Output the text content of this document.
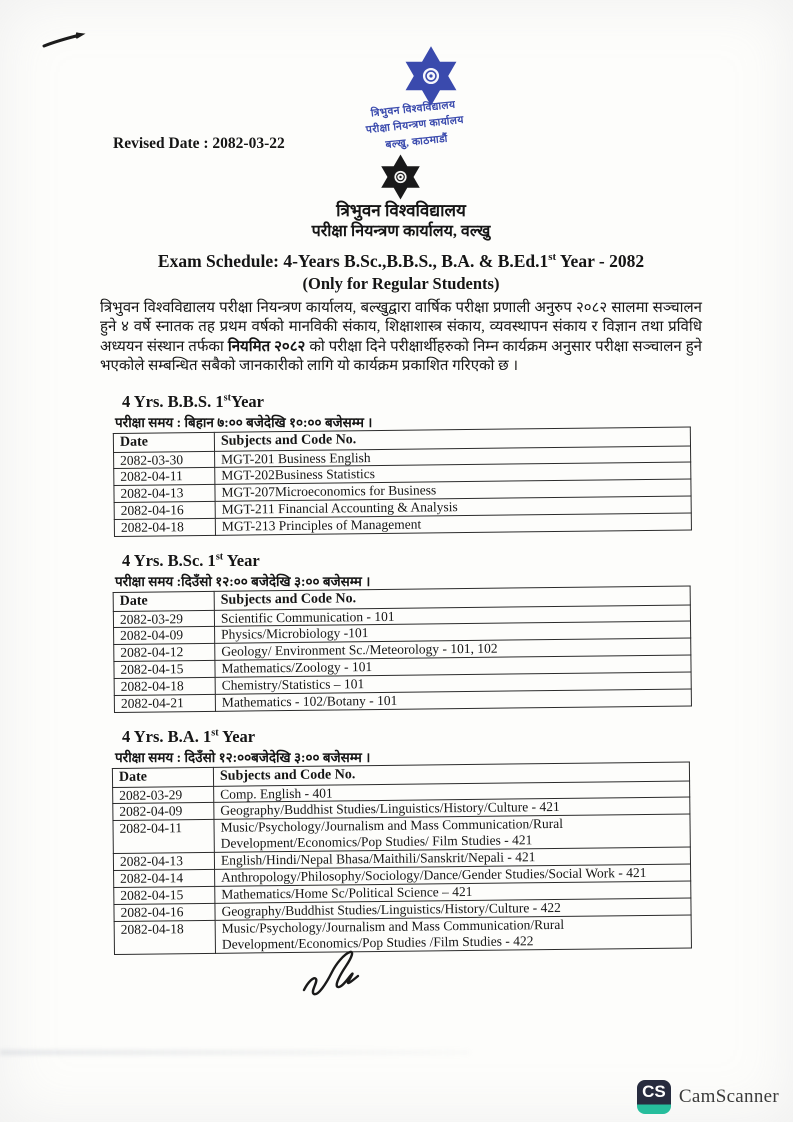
Revised Date : 2082-03-22
त्रिभुवन विश्वविद्यालय
परीक्षा नियन्त्रण कार्यालय
बल्खु, काठमाडौं
त्रिभुवन विश्वविद्यालय
परीक्षा नियन्त्रण कार्यालय, वल्खु
Exam Schedule: 4-Years B.Sc.,B.B.S., B.A. & B.Ed.1st Year - 2082
(Only for Regular Students)

त्रिभुवन विश्वविद्यालय परीक्षा नियन्त्रण कार्यालय, बल्खुद्वारा वार्षिक परीक्षा प्रणाली अनुरुप २०८२ सालमा सञ्चालन हुने ४ वर्षे स्नातक तह प्रथम वर्षको मानविकी संकाय, शिक्षाशास्त्र संकाय, व्यवस्थापन संकाय र विज्ञान तथा प्रविधि अध्ययन संस्थान तर्फका नियमित २०८२ को परीक्षा दिने परीक्षार्थीहरुको निम्न कार्यक्रम अनुसार परीक्षा सञ्चालन हुने भएकोले सम्बन्धित सबैको जानकारीको लागि यो कार्यक्रम प्रकाशित गरिएको छ ।

4 Yrs. B.B.S. 1stYear
परीक्षा समय : बिहान ७:०० बजेदेखि १०:०० बजेसम्म ।
Date	Subjects and Code No.
2082-03-30	MGT-201 Business English
2082-04-11	MGT-202Business Statistics
2082-04-13	MGT-207Microeconomics for Business
2082-04-16	MGT-211 Financial Accounting & Analysis
2082-04-18	MGT-213 Principles of Management
4 Yrs. B.Sc. 1st Year
परीक्षा समय :दिउँसो १२:०० बजेदेखि ३:०० बजेसम्म ।
Date	Subjects and Code No.
2082-03-29	Scientific Communication - 101
2082-04-09	Physics/Microbiology -101
2082-04-12	Geology/ Environment Sc./Meteorology - 101, 102
2082-04-15	Mathematics/Zoology - 101
2082-04-18	Chemistry/Statistics – 101
2082-04-21	Mathematics - 102/Botany - 101
4 Yrs. B.A. 1st Year
परीक्षा समय : दिउँसो १२:००बजेदेखि ३:०० बजेसम्म ।
Date	Subjects and Code No.
2082-03-29	Comp. English - 401
2082-04-09	Geography/Buddhist Studies/Linguistics/History/Culture - 421
2082-04-11	Music/Psychology/Journalism and Mass Communication/Rural Development/Economics/Pop Studies/ Film Studies - 421
2082-04-13	English/Hindi/Nepal Bhasa/Maithili/Sanskrit/Nepali - 421
2082-04-14	Anthropology/Philosophy/Sociology/Dance/Gender Studies/Social Work - 421
2082-04-15	Mathematics/Home Sc/Political Science – 421
2082-04-16	Geography/Buddhist Studies/Linguistics/History/Culture - 422
2082-04-18	Music/Psychology/Journalism and Mass Communication/Rural Development/Economics/Pop Studies /Film Studies - 422
CS CamScanner
